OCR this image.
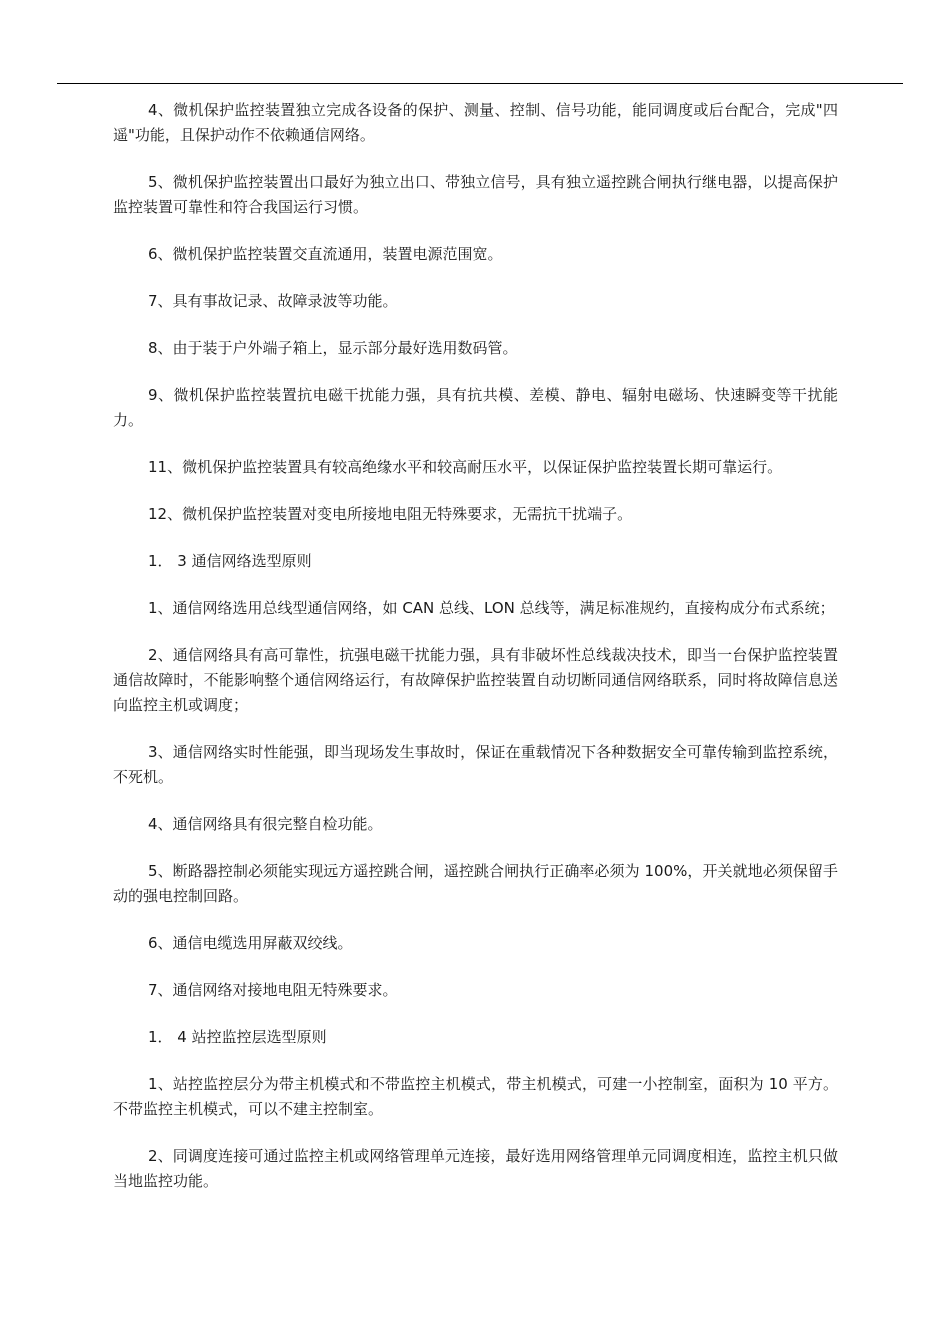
4、微机保护监控装置独立完成各设备的保护、测量、控制、信号功能，能同调度或后台配合，完成"四遥"功能，且保护动作不依赖通信网络。

5、微机保护监控装置出口最好为独立出口、带独立信号，具有独立遥控跳合闸执行继电器，以提高保护监控装置可靠性和符合我国运行习惯。

6、微机保护监控装置交直流通用，装置电源范围宽。

7、具有事故记录、故障录波等功能。

8、由于装于户外端子箱上，显示部分最好选用数码管。

9、微机保护监控装置抗电磁干扰能力强，具有抗共模、差模、静电、辐射电磁场、快速瞬变等干扰能力。

11、微机保护监控装置具有较高绝缘水平和较高耐压水平，以保证保护监控装置长期可靠运行。

12、微机保护监控装置对变电所接地电阻无特殊要求，无需抗干扰端子。

1． 3 通信网络选型原则

1、通信网络选用总线型通信网络，如 CAN 总线、LON 总线等，满足标准规约，直接构成分布式系统；

2、通信网络具有高可靠性，抗强电磁干扰能力强，具有非破坏性总线裁决技术，即当一台保护监控装置通信故障时，不能影响整个通信网络运行，有故障保护监控装置自动切断同通信网络联系，同时将故障信息送向监控主机或调度；

3、通信网络实时性能强，即当现场发生事故时，保证在重载情况下各种数据安全可靠传输到监控系统，不死机。

4、通信网络具有很完整自检功能。

5、断路器控制必须能实现远方遥控跳合闸，遥控跳合闸执行正确率必须为 100%，开关就地必须保留手动的强电控制回路。

6、通信电缆选用屏蔽双绞线。

7、通信网络对接地电阻无特殊要求。

1． 4 站控监控层选型原则

1、站控监控层分为带主机模式和不带监控主机模式，带主机模式，可建一小控制室，面积为 10 平方。不带监控主机模式，可以不建主控制室。

2、同调度连接可通过监控主机或网络管理单元连接，最好选用网络管理单元同调度相连，监控主机只做当地监控功能。
